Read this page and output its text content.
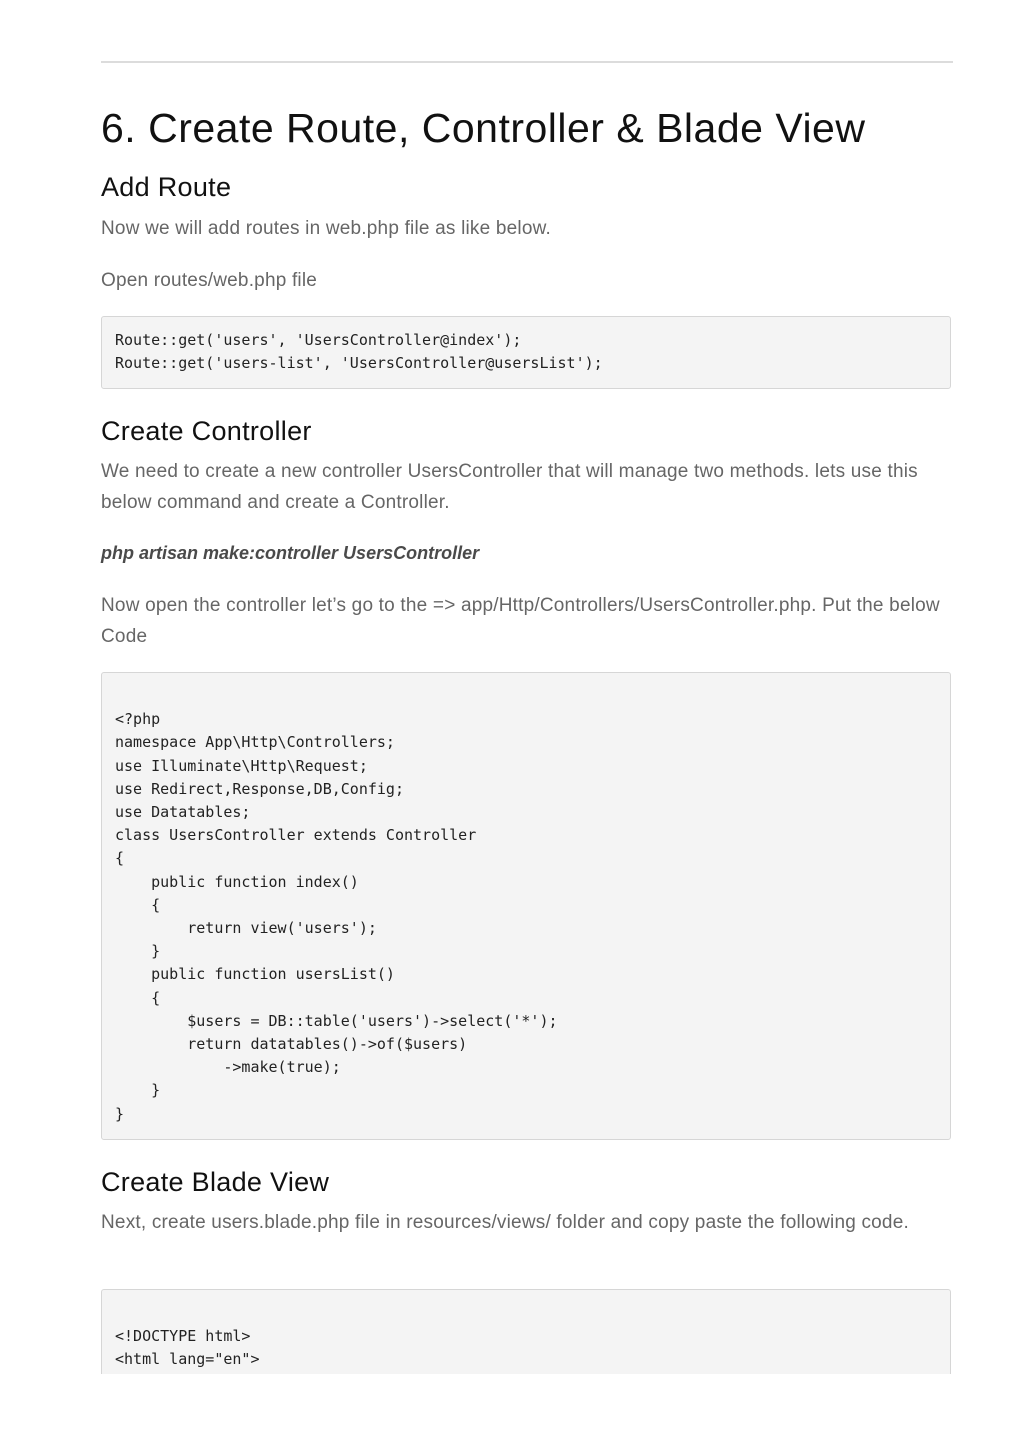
6. Create Route, Controller & Blade View
Add Route

Now we will add routes in web.php file as like below.

Open routes/web.php file

Route::get('users', 'UsersController@index');
Route::get('users-list', 'UsersController@usersList');
Create Controller

We need to create a new controller UsersController that will manage two methods. lets use this below command and create a Controller.

php artisan make:controller UsersController

Now open the controller let’s go to the => app/Http/Controllers/UsersController.php. Put the below Code

<?php
namespace App\Http\Controllers;
use Illuminate\Http\Request;
use Redirect,Response,DB,Config;
use Datatables;
class UsersController extends Controller
{
public function index()
{
return view('users');
}
public function usersList()
{
$users = DB::table('users')->select('*');
return datatables()->of($users)
->make(true);
}
}
Create Blade View

Next, create users.blade.php file in resources/views/ folder and copy paste the following code.

<!DOCTYPE html>
<html lang="en">
